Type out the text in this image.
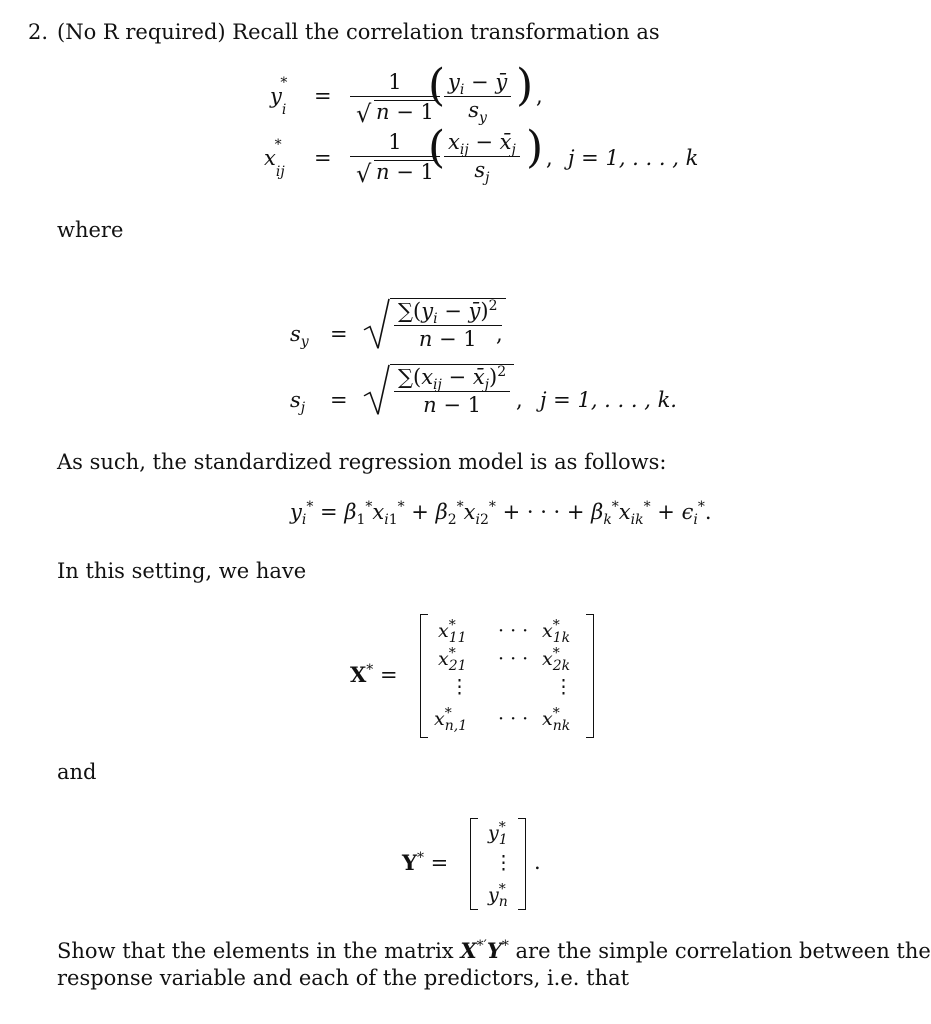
2. (No R required) Recall the correlation transformation as
$y_i^*$
= $\frac{1}{√ n - 1}$
(
$\frac{y_i - ȳ}{s_y}$ ) ,
$x_{ij}^*$
= $\frac{1}{√ n - 1}$
(
$\frac{x_{ij} - x̄_j}{s_j}$ ) , j = 1, . . . , k
where
$s_y = \frac{\sum(y_i - ȳ)^2}{n - 1}$
,
$s_j = \frac{\sum(x_{ij} - x̄_j)^2}{n - 1}$ , j = 1, . . . , k.
As such, the standardized regression model is as follows:
$y_i^* = \beta_1^*x_{i1}^* + \beta_2^*x_{i2}^*$ + · · · + $\beta_k^*x_{ik}^* + \epsilon_i^*$.
In this setting, we have
X* =
$x^*_{11}$ · · · $x^*_{1k}$
$x^*_{21}$ · · · $x^*_{2k}$
⋮	⋮
$x^*_{n,1}$ · · · $x^*_{nk}$
and
Y* =
$y^*_1$
⋮
$y^*_n$
.
Show that the elements in the matrix X*′Y* are the simple correlation between the
response variable and each of the predictors, i.e. that
